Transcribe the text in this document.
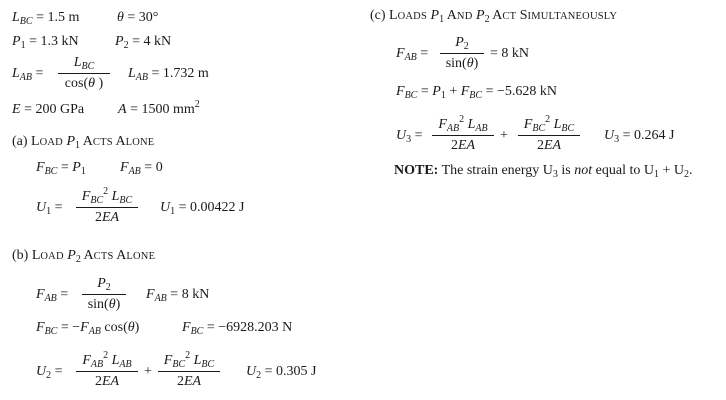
$L_{BC} = 1.5$ m	θ = 30°
$P_1 = 1.3$ kN	$P_2 = 4$ kN
$L_{AB}$ =
$L_{BC}$
cos(θ )
$L_{AB} = 1.732$ m
E = 200 GPa A = 1500 $mm^2$
(a) LOAD $P_1$ ACTS ALONE
$F_{BC} = P_1$ $F_{AB} = 0$
$U_1$ =
$F_{BC}^2$ $L_{BC}$
2EA
$U_1 = 0.00422$ J
(b) LOAD $P_2$ ACTS ALONE
$F_{AB}$ =
$P_2$
sin(θ)
$F_{AB} = 8$ kN
$F_{BC} = -F_{AB}$ cos(θ)	$F_{BC} = -6928.203$ N
$U_2$ =
$F_{AB}^2$ $L_{AB}$
2EA
+
$F_{BC}^2$ $L_{BC}$
2EA
$U_2 = 0.305$ J
(c) LOADS $P_1$ AND $P_2$ ACT SIMULTANEOUSLY
$F_{AB}$ =
$P_2$
sin(θ)
= 8 kN
$F_{BC} = P_1 + F_{BC} = -5.628$ kN
$U_3$ =
$F_{AB}^2$ $L_{AB}$
2EA
+
$F_{BC}^2$ $L_{BC}$
2EA
$U_3 = 0.264$ J
NOTE: The strain energy $U_3$ is not equal to $U_1 + U_2$.
